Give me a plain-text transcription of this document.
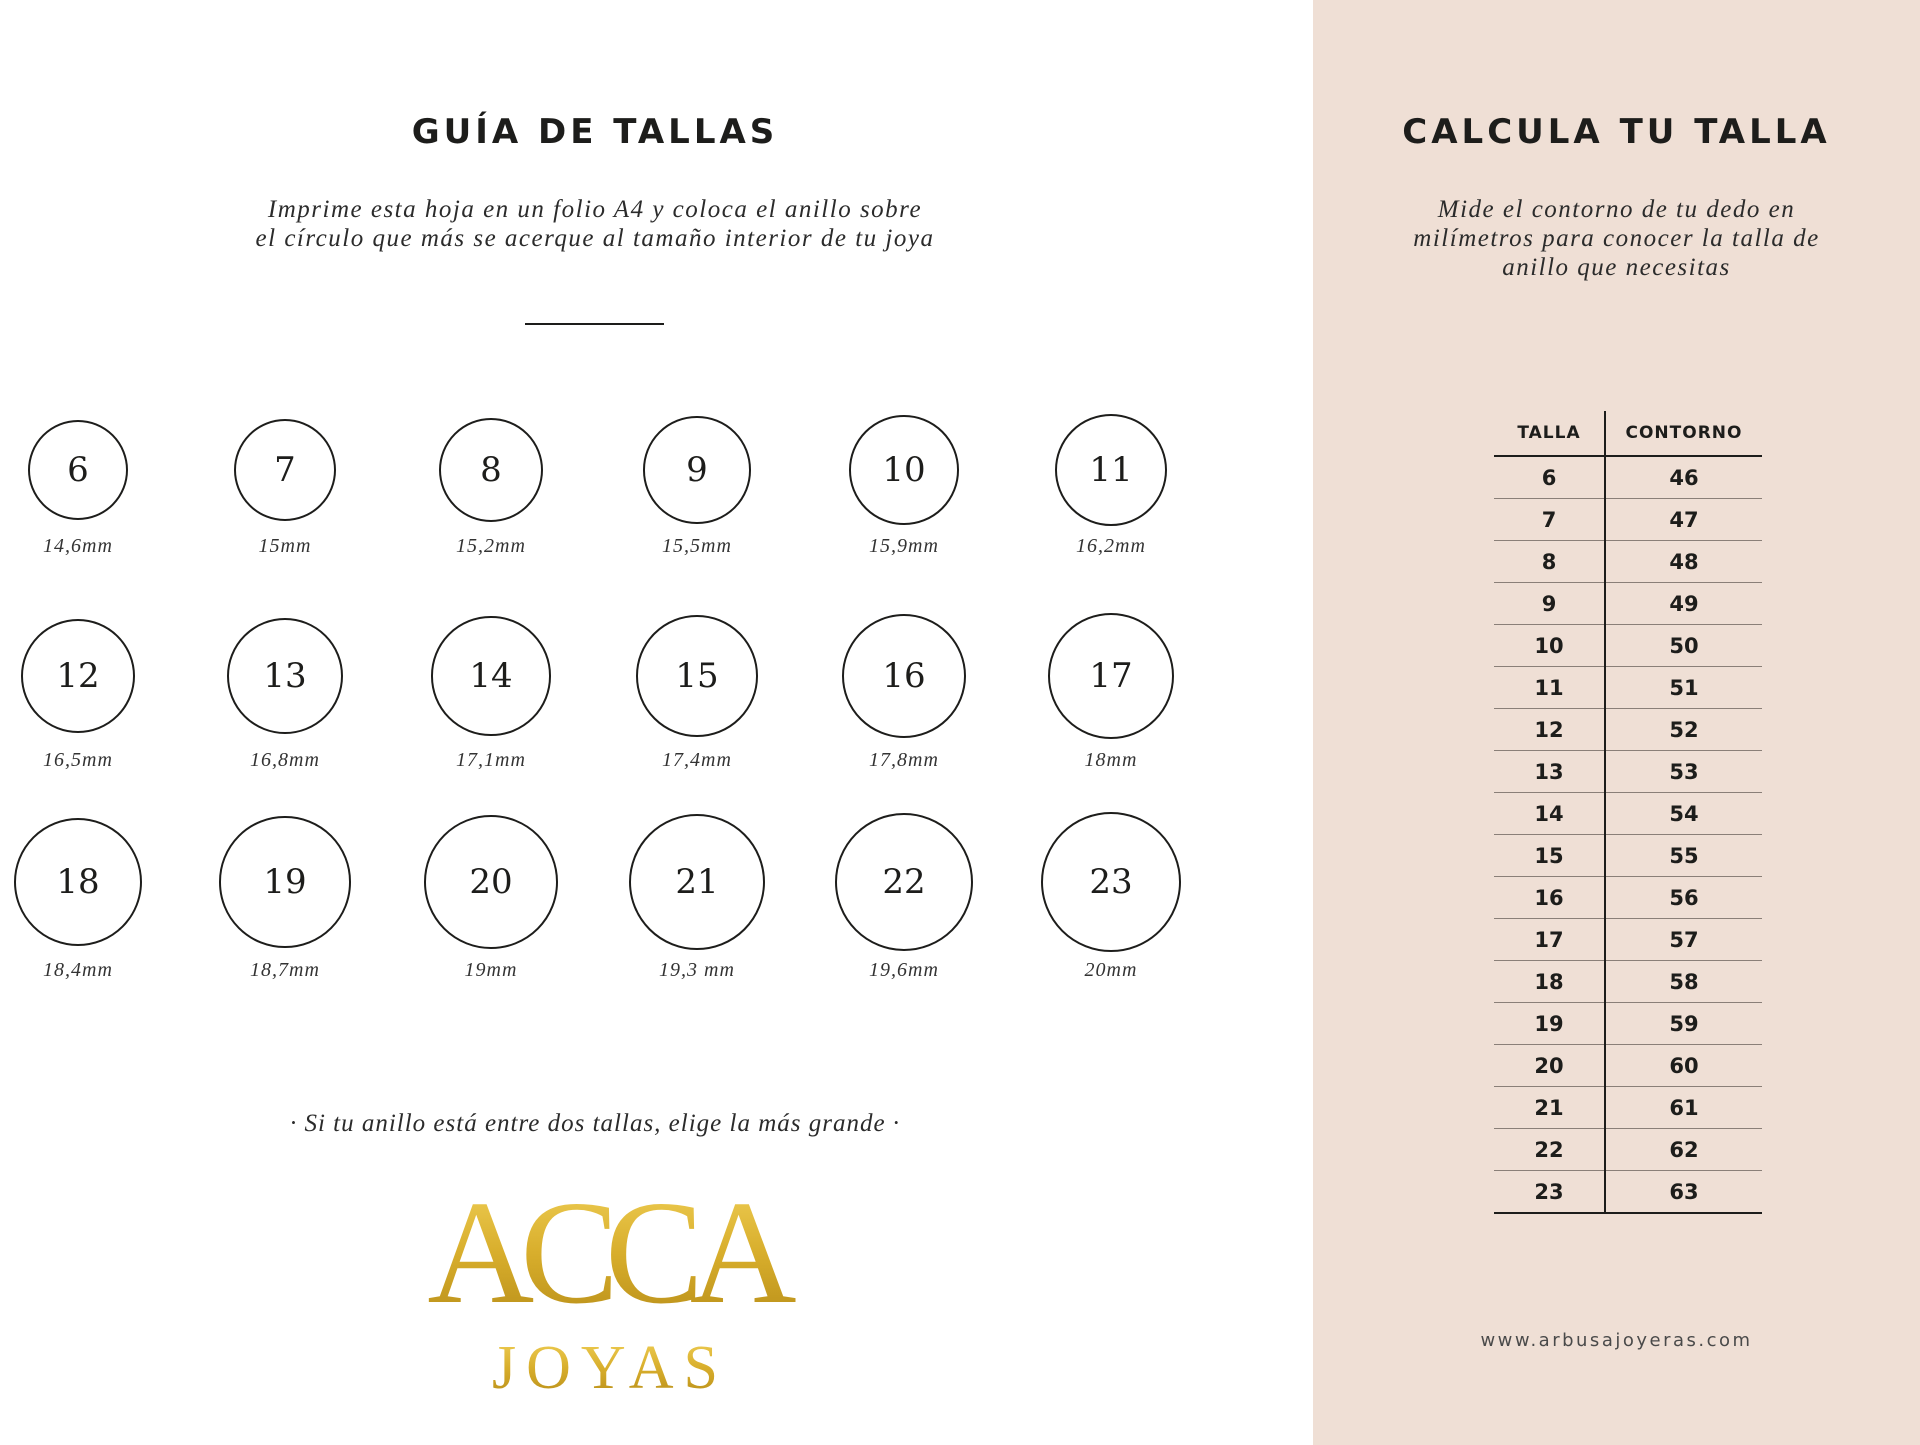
GUÍA DE TALLAS

Imprime esta hoja en un folio A4 y coloca el anillo sobre
el círculo que más se acerque al tamaño interior de tu joya

6
14,6mm
7
15mm
8
15,2mm
9
15,5mm
10
15,9mm
11
16,2mm
12
16,5mm
13
16,8mm
14
17,1mm
15
17,4mm
16
17,8mm
17
18mm
18
18,4mm
19
18,7mm
20
19mm
21
19,3 mm
22
19,6mm
23
20mm

· Si tu anillo está entre dos tallas, elige la más grande ·

ACCA
JOYAS
CALCULA TU TALLA

Mide el contorno de tu dedo en
milímetros para conocer la talla de
anillo que necesitas

TALLA	CONTORNO
6	46
7	47
8	48
9	49
10	50
11	51
12	52
13	53
14	54
15	55
16	56
17	57
18	58
19	59
20	60
21	61
22	62
23	63

www.arbusajoyeras.com
